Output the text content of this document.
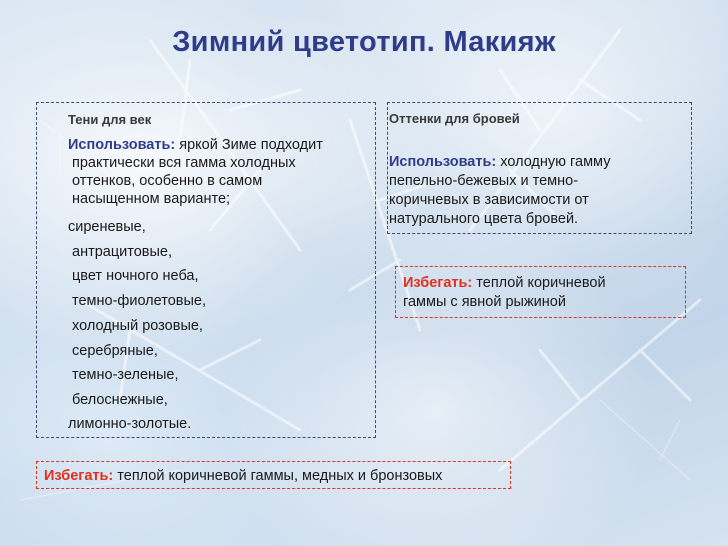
Зимний цветотип. Макияж
Тени для век
Использовать: яркой Зиме подходит
практически вся гамма холодных
оттенков, особенно в самом
насыщенном варианте;
сиреневые,
антрацитовые,
цвет ночного неба,
темно-фиолетовые,
холодный розовые,
серебряные,
темно-зеленые,
белоснежные,
лимонно-золотые.
Избегать: теплой коричневой гаммы, медных и бронзовых
Оттенки для бровей
Использовать: холодную гамму
пепельно-бежевых и темно-
коричневых в зависимости от
натурального цвета бровей.
Избегать: теплой коричневой
гаммы с явной рыжиной
